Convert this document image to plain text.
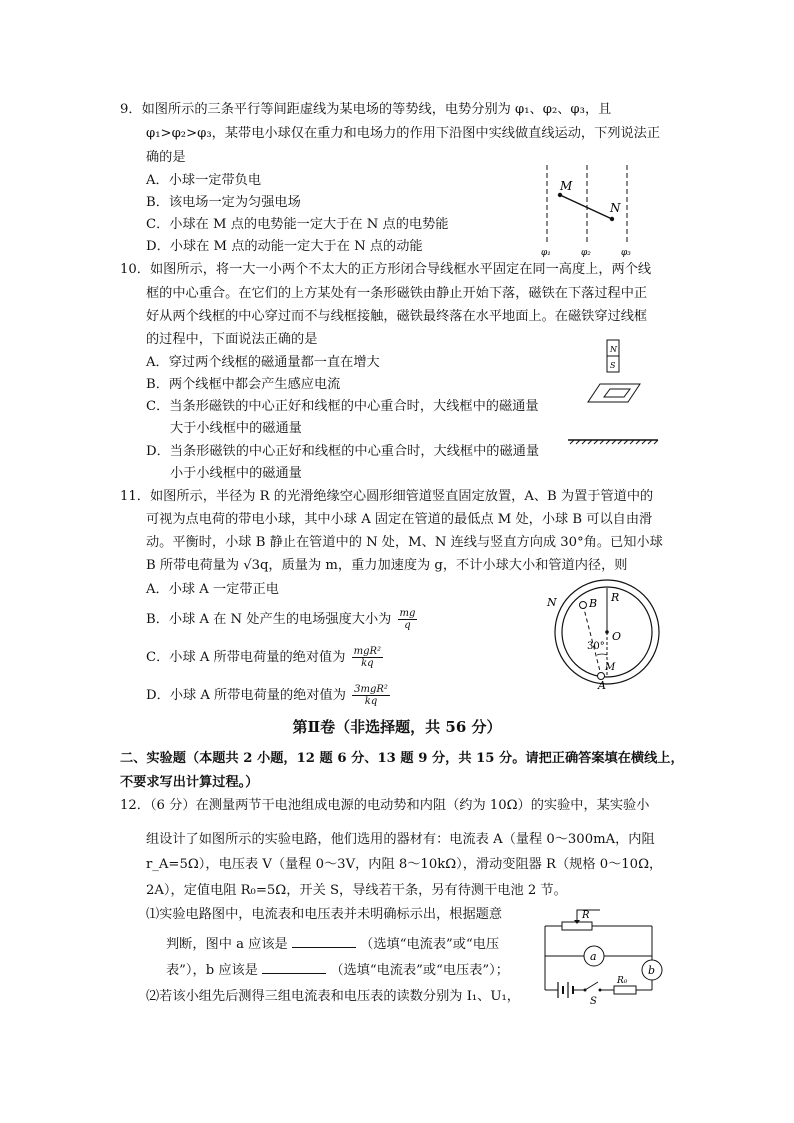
9．如图所示的三条平行等间距虚线为某电场的等势线，电势分别为 φ₁、φ₂、φ₃，且
φ₁>φ₂>φ₃，某带电小球仅在重力和电场力的作用下沿图中实线做直线运动，下列说法正
确的是
A．小球一定带负电
B．该电场一定为匀强电场
C．小球在 M 点的电势能一定大于在 N 点的电势能
D．小球在 M 点的动能一定大于在 N 点的动能
M
N
φ₁	φ₂	φ₃
10．如图所示，将一大一小两个不太大的正方形闭合导线框水平固定在同一高度上，两个线
框的中心重合。在它们的上方某处有一条形磁铁由静止开始下落，磁铁在下落过程中正
好从两个线框的中心穿过而不与线框接触，磁铁最终落在水平地面上。在磁铁穿过线框
的过程中，下面说法正确的是
A．穿过两个线框的磁通量都一直在增大
B．两个线框中都会产生感应电流
C．当条形磁铁的中心正好和线框的中心重合时，大线框中的磁通量
大于小线框中的磁通量
D．当条形磁铁的中心正好和线框的中心重合时，大线框中的磁通量
小于小线框中的磁通量
N
S
11．如图所示，半径为 R 的光滑绝缘空心圆形细管道竖直固定放置，A、B 为置于管道中的
可视为点电荷的带电小球，其中小球 A 固定在管道的最低点 M 处，小球 B 可以自由滑
动。平衡时，小球 B 静止在管道中的 N 处，M、N 连线与竖直方向成 30°角。已知小球
B 所带电荷量为 √3q，质量为 m，重力加速度为 g，不计小球大小和管道内径，则
A．小球 A 一定带正电
B．小球 A 在 N 处产生的电场强度大小为 $\frac{mg}{q}$
C．小球 A 所带电荷量的绝对值为 $\frac{\text{mgR²}}{kq}$
D．小球 A 所带电荷量的绝对值为 $\frac{\text{3mgR²}}{kq}$
N	B R
O
30°
M
A
第Ⅱ卷（非选择题，共 56 分）
二、实验题（本题共 2 小题，12 题 6 分、13 题 9 分，共 15 分。请把正确答案填在横线上，
不要求写出计算过程。）
12．（6 分）在测量两节干电池组成电源的电动势和内阻（约为 10Ω）的实验中，某实验小
组设计了如图所示的实验电路，他们选用的器材有：电流表 A（量程 0～300mA，内阻
r_A=5Ω），电压表 V（量程 0～3V，内阻 8～10kΩ），滑动变阻器 R（规格 0～10Ω，
2A），定值电阻 R₀=5Ω，开关 S，导线若干条，另有待测干电池 2 节。
⑴实验电路图中，电流表和电压表并未明确标示出，根据题意
判断，图中 a 应该是	（选填“电流表”或“电压
表”），b 应该是	（选填“电流表”或“电压表”）；
⑵若该小组先后测得三组电流表和电压表的读数分别为 I₁、U₁，
R
a
b
S
R₀
